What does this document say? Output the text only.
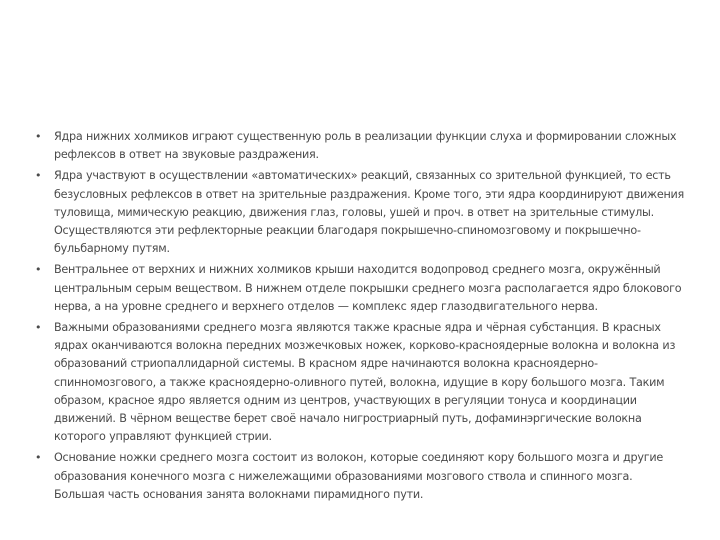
• Ядра нижних холмиков играют существенную роль в реализации функции слуха и формировании сложных рефлексов в ответ на звуковые раздражения.
• Ядра участвуют в осуществлении «автоматических» реакций, связанных со зрительной функцией, то есть безусловных рефлексов в ответ на зрительные раздражения. Кроме того, эти ядра координируют движения туловища, мимическую реакцию, движения глаз, головы, ушей и проч. в ответ на зрительные стимулы. Осуществляются эти рефлекторные реакции благодаря покрышечно-спиномозговому и покрышечно-бульбарному путям.
• Вентральнее от верхних и нижних холмиков крыши находится водопровод среднего мозга, окружённый центральным серым веществом. В нижнем отделе покрышки среднего мозга располагается ядро блокового нерва, а на уровне среднего и верхнего отделов — комплекс ядер глазодвигательного нерва.
• Важными образованиями среднего мозга являются также красные ядра и чёрная субстанция. В красных ядрах оканчиваются волокна передних мозжечковых ножек, корково-красноядерные волокна и волокна из образований стриопаллидарной системы. В красном ядре начинаются волокна красноядерно-спинномозгового, а также красноядерно-оливного путей, волокна, идущие в кору большого мозга. Таким образом, красное ядро является одним из центров, участвующих в регуляции тонуса и координации движений. В чёрном веществе берет своё начало нигростриарный путь, дофаминэргические волокна которого управляют функцией стрии.
• Основание ножки среднего мозга состоит из волокон, которые соединяют кору большого мозга и другие образования конечного мозга с нижележащими образованиями мозгового ствола и спинного мозга. Большая часть основания занята волокнами пирамидного пути.
